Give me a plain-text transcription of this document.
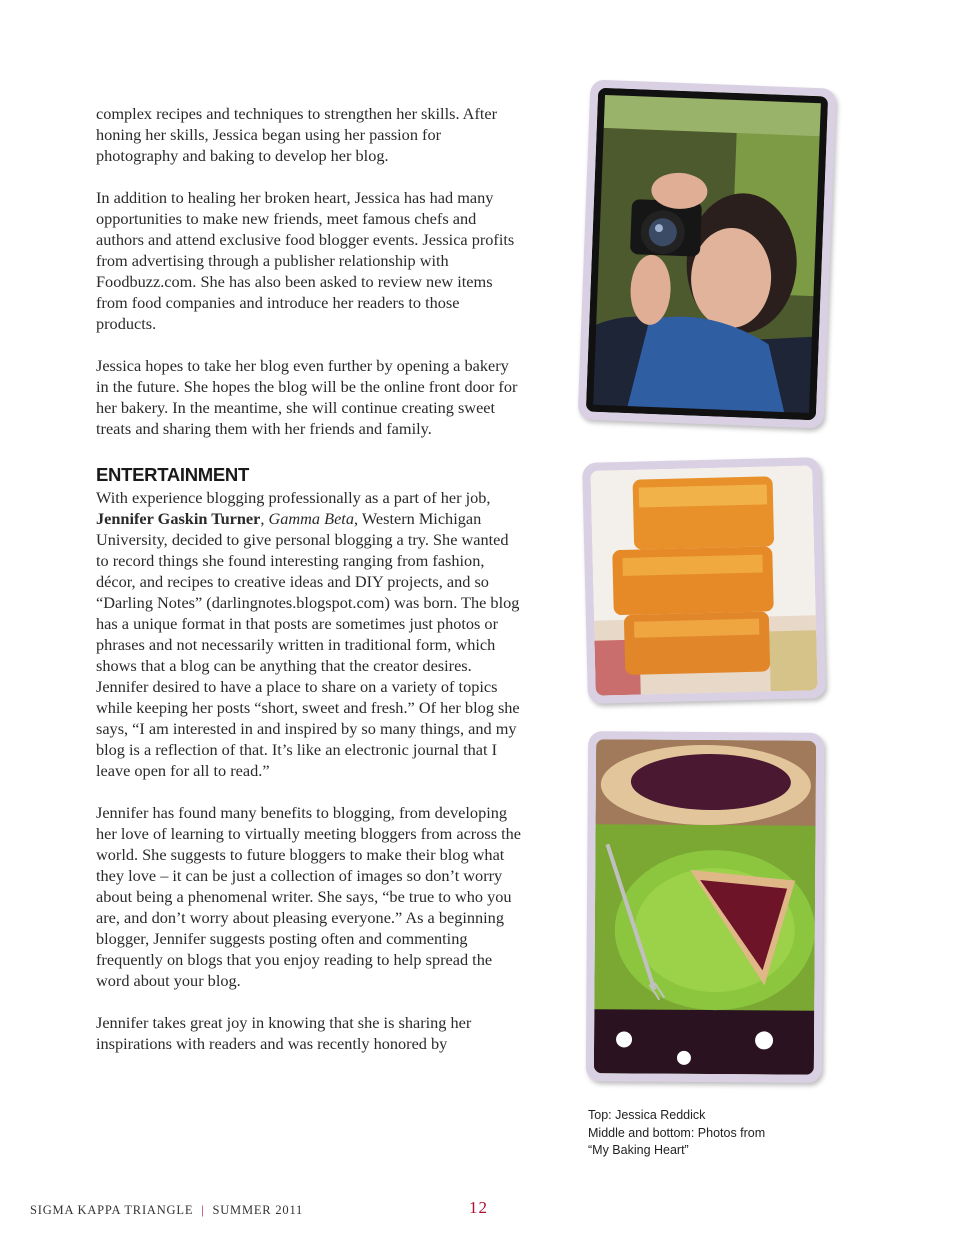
complex recipes and techniques to strengthen her skills. After honing her skills, Jessica began using her passion for photography and baking to develop her blog.

In addition to healing her broken heart, Jessica has had many opportunities to make new friends, meet famous chefs and authors and attend exclusive food blogger events. Jessica profits from advertising through a publisher relationship with Foodbuzz.com. She has also been asked to review new items from food companies and introduce her readers to those products.

Jessica hopes to take her blog even further by opening a bakery in the future. She hopes the blog will be the online front door for her bakery. In the meantime, she will continue creating sweet treats and sharing them with her friends and family.

ENTERTAINMENT

With experience blogging professionally as a part of her job, Jennifer Gaskin Turner, Gamma Beta, Western Michigan University, decided to give personal blogging a try. She wanted to record things she found interesting ranging from fashion, décor, and recipes to creative ideas and DIY projects, and so “Darling Notes” (darlingnotes.blogspot.com) was born. The blog has a unique format in that posts are sometimes just photos or phrases and not necessarily written in traditional form, which shows that a blog can be anything that the creator desires. Jennifer desired to have a place to share on a variety of topics while keeping her posts “short, sweet and fresh.” Of her blog she says, “I am interested in and inspired by so many things, and my blog is a reflection of that. It’s like an electronic journal that I leave open for all to read.”

Jennifer has found many benefits to blogging, from developing her love of learning to virtually meeting bloggers from across the world. She suggests to future bloggers to make their blog what they love – it can be just a collection of images so don’t worry about being a phenomenal writer. She says, “be true to who you are, and don’t worry about pleasing everyone.” As a beginning blogger, Jennifer suggests posting often and commenting frequently on blogs that you enjoy reading to help spread the word about your blog.

Jennifer takes great joy in knowing that she is sharing her inspirations with readers and was recently honored by

Top: Jessica Reddick
Middle and bottom: Photos from
“My Baking Heart”
SIGMA KAPPA TRIANGLE | SUMMER 2011	12
